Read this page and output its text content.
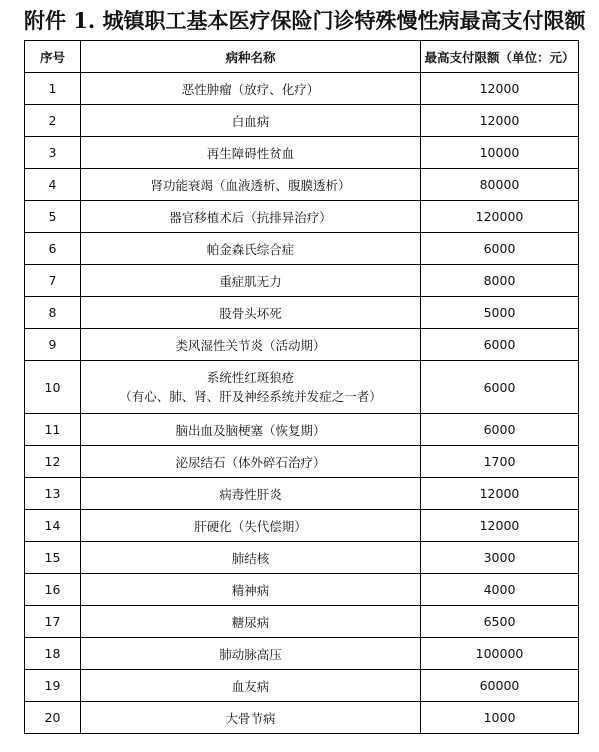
附件 1. 城镇职工基本医疗保险门诊特殊慢性病最高支付限额
序号	病种名称	最高支付限额（单位：元）
1	恶性肿瘤（放疗、化疗）	12000
2	白血病	12000
3	再生障碍性贫血	10000
4	肾功能衰竭（血液透析、腹膜透析）	80000
5	器官移植术后（抗排异治疗）	120000
6	帕金森氏综合症	6000
7	重症肌无力	8000
8	股骨头坏死	5000
9	类风湿性关节炎（活动期）	6000
10	系统性红斑狼疮
（有心、肺、肾、肝及神经系统并发症之一者）	6000
11	脑出血及脑梗塞（恢复期）	6000
12	泌尿结石（体外碎石治疗）	1700
13	病毒性肝炎	12000
14	肝硬化（失代偿期）	12000
15	肺结核	3000
16	精神病	4000
17	糖尿病	6500
18	肺动脉高压	100000
19	血友病	60000
20	大骨节病	1000
